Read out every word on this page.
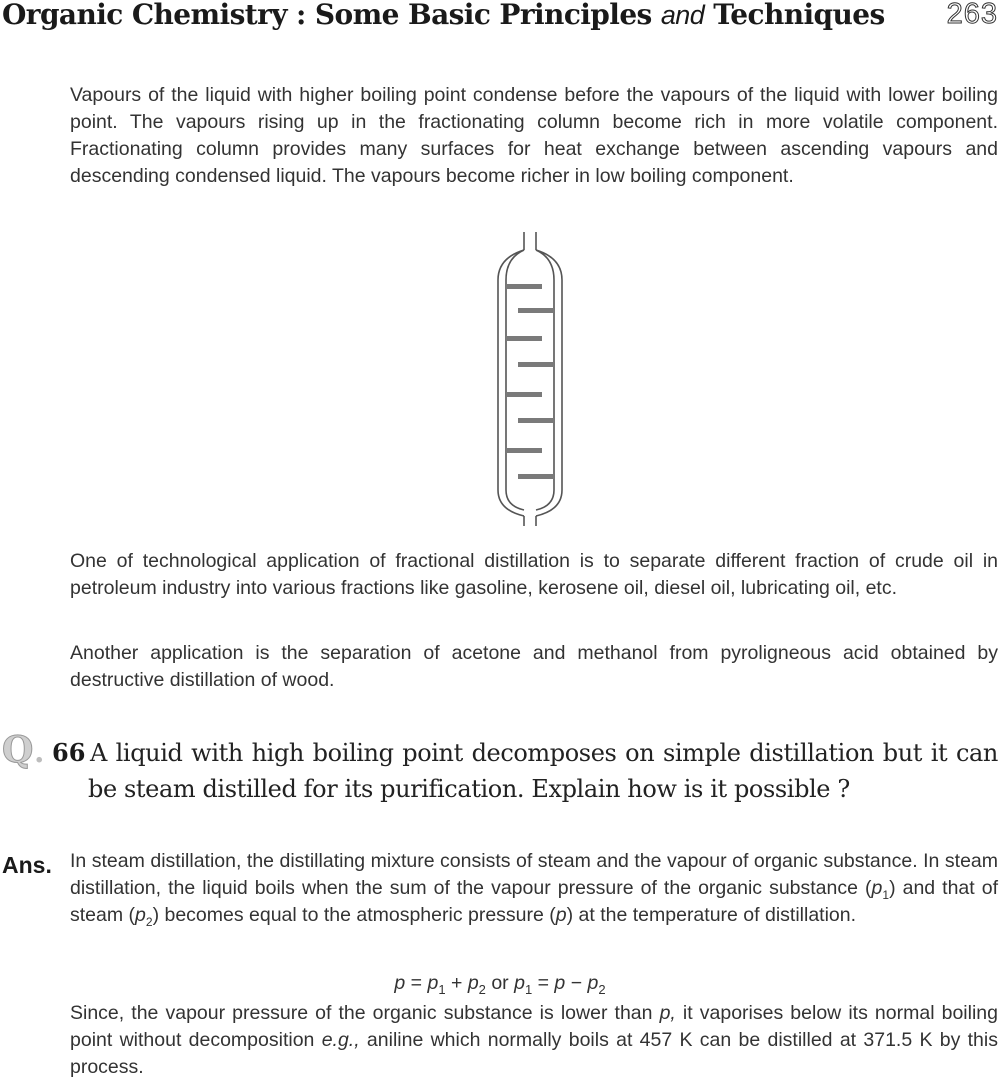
Organic Chemistry : Some Basic Principles and Techniques 263
Vapours of the liquid with higher boiling point condense before the vapours of the liquid with lower boiling point. The vapours rising up in the fractionating column become rich in more volatile component. Fractionating column provides many surfaces for heat exchange between ascending vapours and descending condensed liquid. The vapours become richer in low boiling component.
One of technological application of fractional distillation is to separate different fraction of crude oil in petroleum industry into various fractions like gasoline, kerosene oil, diesel oil, lubricating oil, etc.
Another application is the separation of acetone and methanol from pyroligneous acid obtained by destructive distillation of wood.
Q . 66 A liquid with high boiling point decomposes on simple distillation but it can be steam distilled for its purification. Explain how is it possible ?
Ans. In steam distillation, the distillating mixture consists of steam and the vapour of organic substance. In steam distillation, the liquid boils when the sum of the vapour pressure of the organic substance $(p_1)$ and that of steam $(p_2)$ becomes equal to the atmospheric pressure (p) at the temperature of distillation.
$p = p_1 + p_2$ or $p_1 = p - p_2$
Since, the vapour pressure of the organic substance is lower than p, it vaporises below its normal boiling point without decomposition e.g., aniline which normally boils at 457 K can be distilled at 371.5 K by this process.
